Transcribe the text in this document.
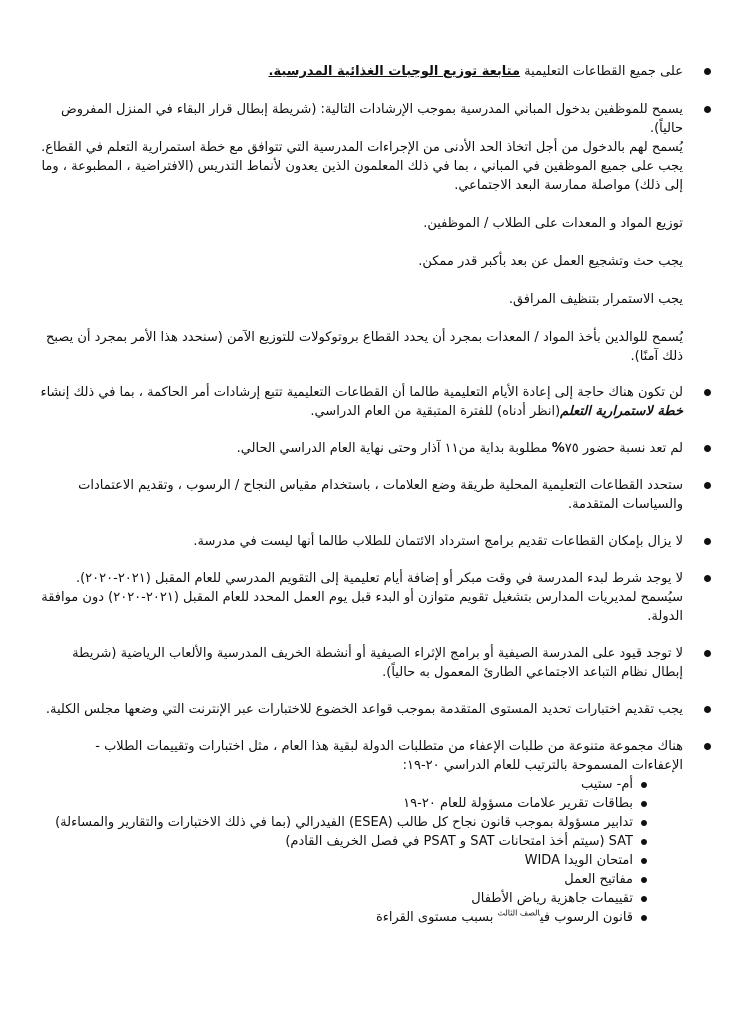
على جميع القطاعات التعليمية متابعة توزيع الوجبات الغذائية المدرسية.

يسمح للموظفين بدخول المباني المدرسية بموجب الإرشادات التالية: (شريطة إبطال قرار البقاء في المنزل المفروض حالياً).

يُسمح لهم بالدخول من أجل اتخاذ الحد الأدنى من الإجراءات المدرسية التي تتوافق مع خطة استمرارية التعلم في القطاع. يجب على جميع الموظفين في المباني ، بما في ذلك المعلمون الذين يعدون لأنماط التدريس (الافتراضية ، المطبوعة ، وما إلى ذلك) مواصلة ممارسة البعد الاجتماعي.

توزيع المواد و المعدات على الطلاب / الموظفين.

يجب حث وتشجيع العمل عن بعد بأكبر قدر ممكن.

يجب الاستمرار بتنظيف المرافق.

يُسمح للوالدين بأخذ المواد / المعدات بمجرد أن يحدد القطاع بروتوكولات للتوزيع الآمن (سنحدد هذا الأمر بمجرد أن يصبح ذلك آمنًا).

لن تكون هناك حاجة إلى إعادة الأيام التعليمية طالما أن القطاعات التعليمية تتبع إرشادات أمر الحاكمة ، بما في ذلك إنشاء خطة لاستمرارية التعلم(انظر أدناه) للفترة المتبقية من العام الدراسي.
لم تعد نسبة حضور ٧٥% مطلوبة بداية من١١ آذار وحتى نهاية العام الدراسي الحالي.
ستحدد القطاعات التعليمية المحلية طريقة وضع العلامات ، باستخدام مقياس النجاح / الرسوب ، وتقديم الاعتمادات والسياسات المتقدمة.
لا يزال بإمكان القطاعات تقديم برامج استرداد الائتمان للطلاب طالما أنها ليست في مدرسة.
لا يوجد شرط لبدء المدرسة في وقت مبكر أو إضافة أيام تعليمية إلى التقويم المدرسي للعام المقبل (٢٠٢١-٢٠٢٠). سيُسمح لمديريات المدارس بتشغيل تقويم متوازن أو البدء قبل يوم العمل المحدد للعام المقبل (٢٠٢١-٢٠٢٠) دون موافقة الدولة.
لا توجد قيود على المدرسة الصيفية أو برامج الإثراء الصيفية أو أنشطة الخريف المدرسية والألعاب الرياضية (شريطة إبطال نظام التباعد الاجتماعي الطارئ المعمول به حالياً).
يجب تقديم اختبارات تحديد المستوى المتقدمة بموجب قواعد الخضوع للاختبارات عبر الإنترنت التي وضعها مجلس الكلية.
هناك مجموعة متنوعة من طلبات الإعفاء من متطلبات الدولة لبقية هذا العام ، مثل اختبارات وتقييمات الطلاب - الإعفاءات المسموحة بالترتيب للعام الدراسي ٢٠-١٩:
أم- ستيب
بطاقات تقرير علامات مسؤولة للعام ٢٠-١٩
تدابير مسؤولة بموجب قانون نجاح كل طالب (ESEA) الفيدرالي (بما في ذلك الاختبارات والتقارير والمساءلة)
SAT (سيتم أخذ امتحانات SAT و PSAT في فصل الخريف القادم)
امتحان الويدا WIDA
مفاتيح العمل
تقييمات جاهزية رياض الأطفال
قانون الرسوب في$^{الصف الثالث}$ بسبب مستوى القراءة
